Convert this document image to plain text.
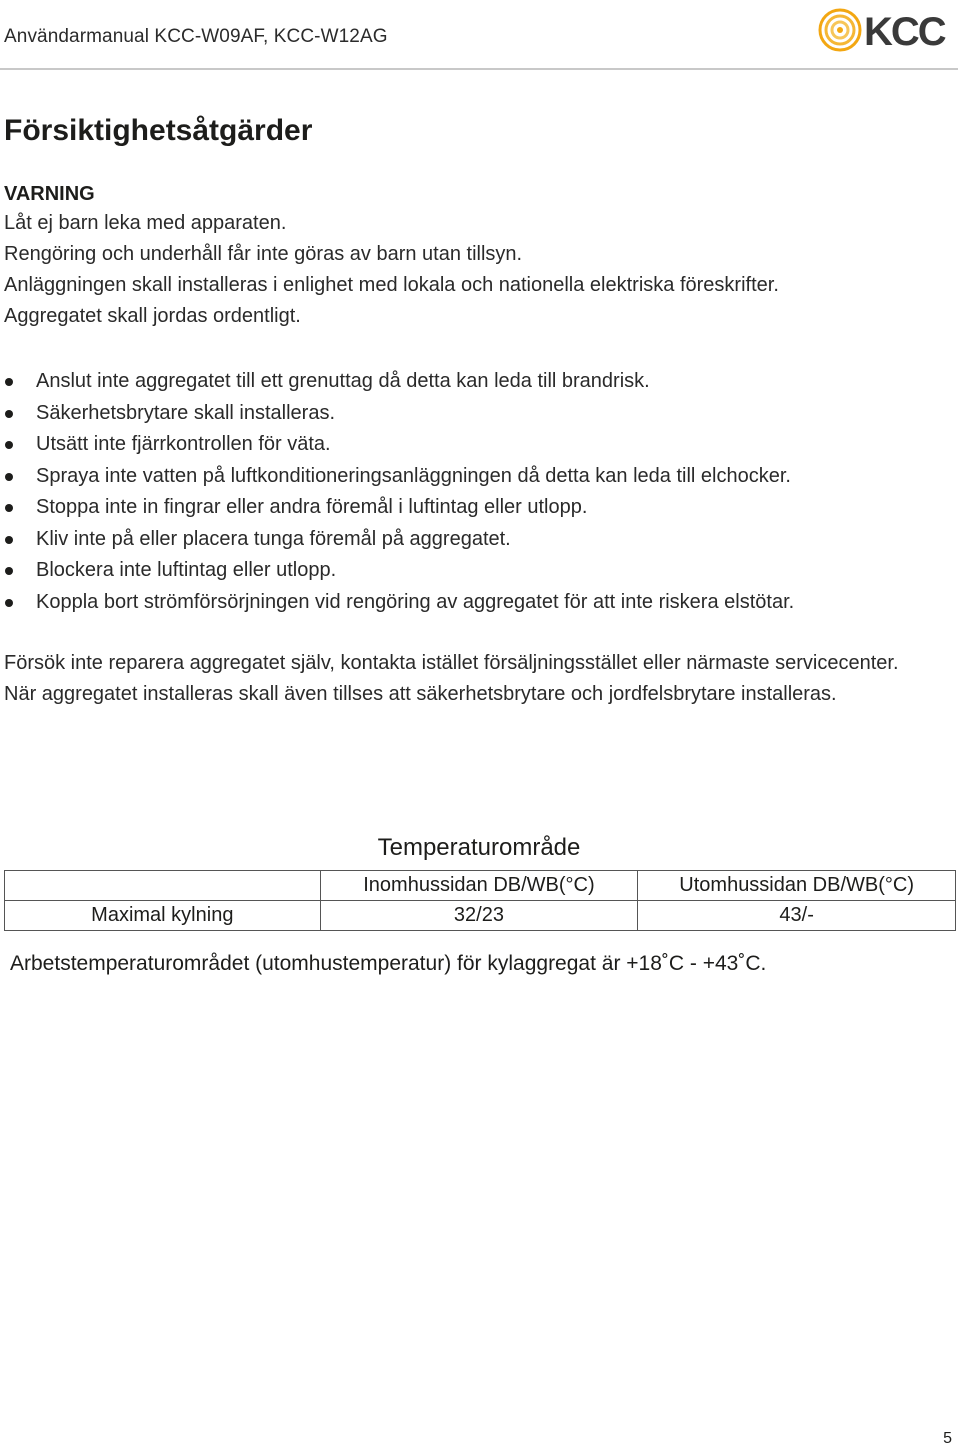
Användarmanual KCC-W09AF, KCC-W12AG	KCC
Försiktighetsåtgärder

VARNING

Låt ej barn leka med apparaten.

Rengöring och underhåll får inte göras av barn utan tillsyn.

Anläggningen skall installeras i enlighet med lokala och nationella elektriska föreskrifter.

Aggregatet skall jordas ordentligt.

Anslut inte aggregatet till ett grenuttag då detta kan leda till brandrisk.
Säkerhetsbrytare skall installeras.
Utsätt inte fjärrkontrollen för väta.
Spraya inte vatten på luftkonditioneringsanläggningen då detta kan leda till elchocker.
Stoppa inte in fingrar eller andra föremål i luftintag eller utlopp.
Kliv inte på eller placera tunga föremål på aggregatet.
Blockera inte luftintag eller utlopp.
Koppla bort strömförsörjningen vid rengöring av aggregatet för att inte riskera elstötar.

Försök inte reparera aggregatet själv, kontakta istället försäljningsstället eller närmaste servicecenter.

När aggregatet installeras skall även tillses att säkerhetsbrytare och jordfelsbrytare installeras.

Temperaturområde
	Inomhussidan DB/WB(°C)	Utomhussidan DB/WB(°C)
Maximal kylning	32/23	43/-
Arbetstemperaturområdet (utomhustemperatur) för kylaggregat är +18˚C - +43˚C.
5
